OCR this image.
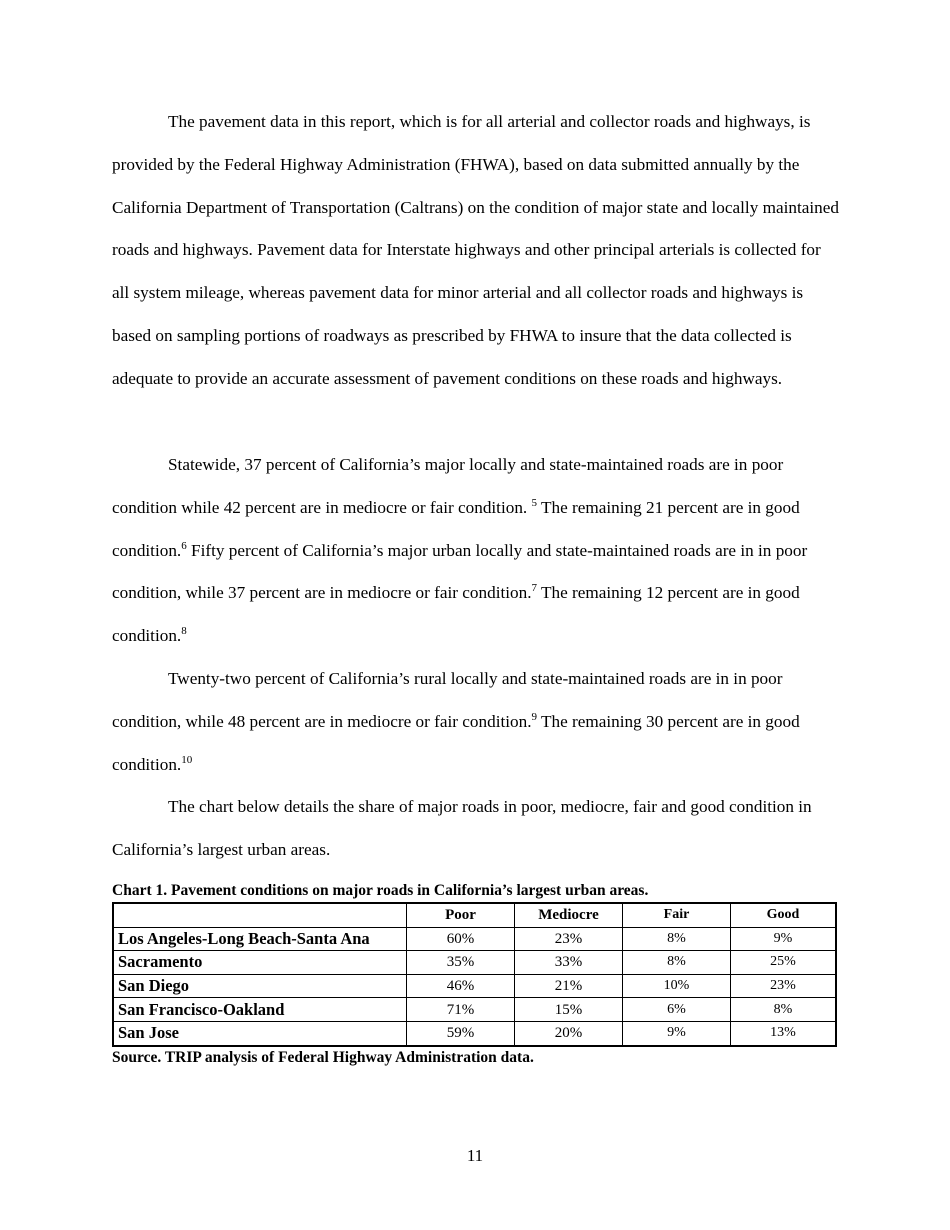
The pavement data in this report, which is for all arterial and collector roads and highways, is provided by the Federal Highway Administration (FHWA), based on data submitted annually by the California Department of Transportation (Caltrans) on the condition of major state and locally maintained roads and highways. Pavement data for Interstate highways and other principal arterials is collected for all system mileage, whereas pavement data for minor arterial and all collector roads and highways is based on sampling portions of roadways as prescribed by FHWA to insure that the data collected is adequate to provide an accurate assessment of pavement conditions on these roads and highways.

Statewide, 37 percent of California’s major locally and state-maintained roads are in poor condition while 42 percent are in mediocre or fair condition. $^5$ The remaining 21 percent are in good condition.$^6$ Fifty percent of California’s major urban locally and state-maintained roads are in in poor condition, while 37 percent are in mediocre or fair condition.$^7$ The remaining 12 percent are in good condition.$^8$

Twenty-two percent of California’s rural locally and state-maintained roads are in in poor condition, while 48 percent are in mediocre or fair condition.$^9$ The remaining 30 percent are in good condition.$^{10}$

The chart below details the share of major roads in poor, mediocre, fair and good condition in California’s largest urban areas.

Chart 1. Pavement conditions on major roads in California’s largest urban areas.
	Poor	Mediocre	Fair	Good
Los Angeles-Long Beach-Santa Ana	60%	23%	8%	9%
Sacramento	35%	33%	8%	25%
San Diego	46%	21%	10%	23%
San Francisco-Oakland	71%	15%	6%	8%
San Jose	59%	20%	9%	13%
Source. TRIP analysis of Federal Highway Administration data.
11
